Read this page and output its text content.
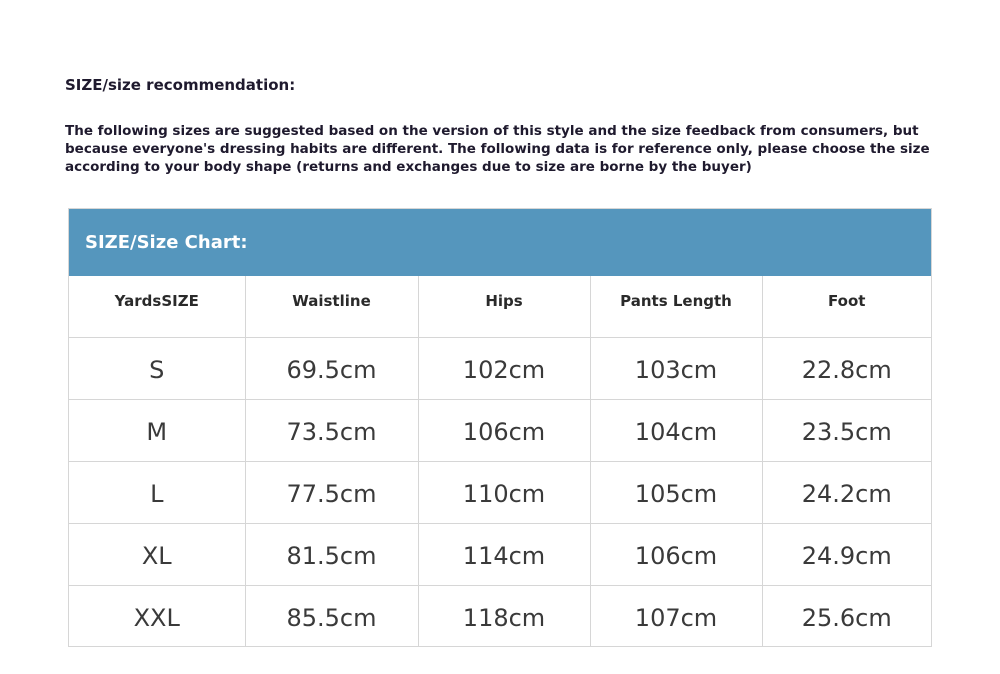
SIZE/size recommendation:

The following sizes are suggested based on the version of this style and the size feedback from consumers, but because everyone's dressing habits are different. The following data is for reference only, please choose the size according to your body shape (returns and exchanges due to size are borne by the buyer)

SIZE/Size Chart:
YardsSIZE	Waistline	Hips	Pants Length	Foot
S	69.5cm	102cm	103cm	22.8cm
M	73.5cm	106cm	104cm	23.5cm
L	77.5cm	110cm	105cm	24.2cm
XL	81.5cm	114cm	106cm	24.9cm
XXL	85.5cm	118cm	107cm	25.6cm
